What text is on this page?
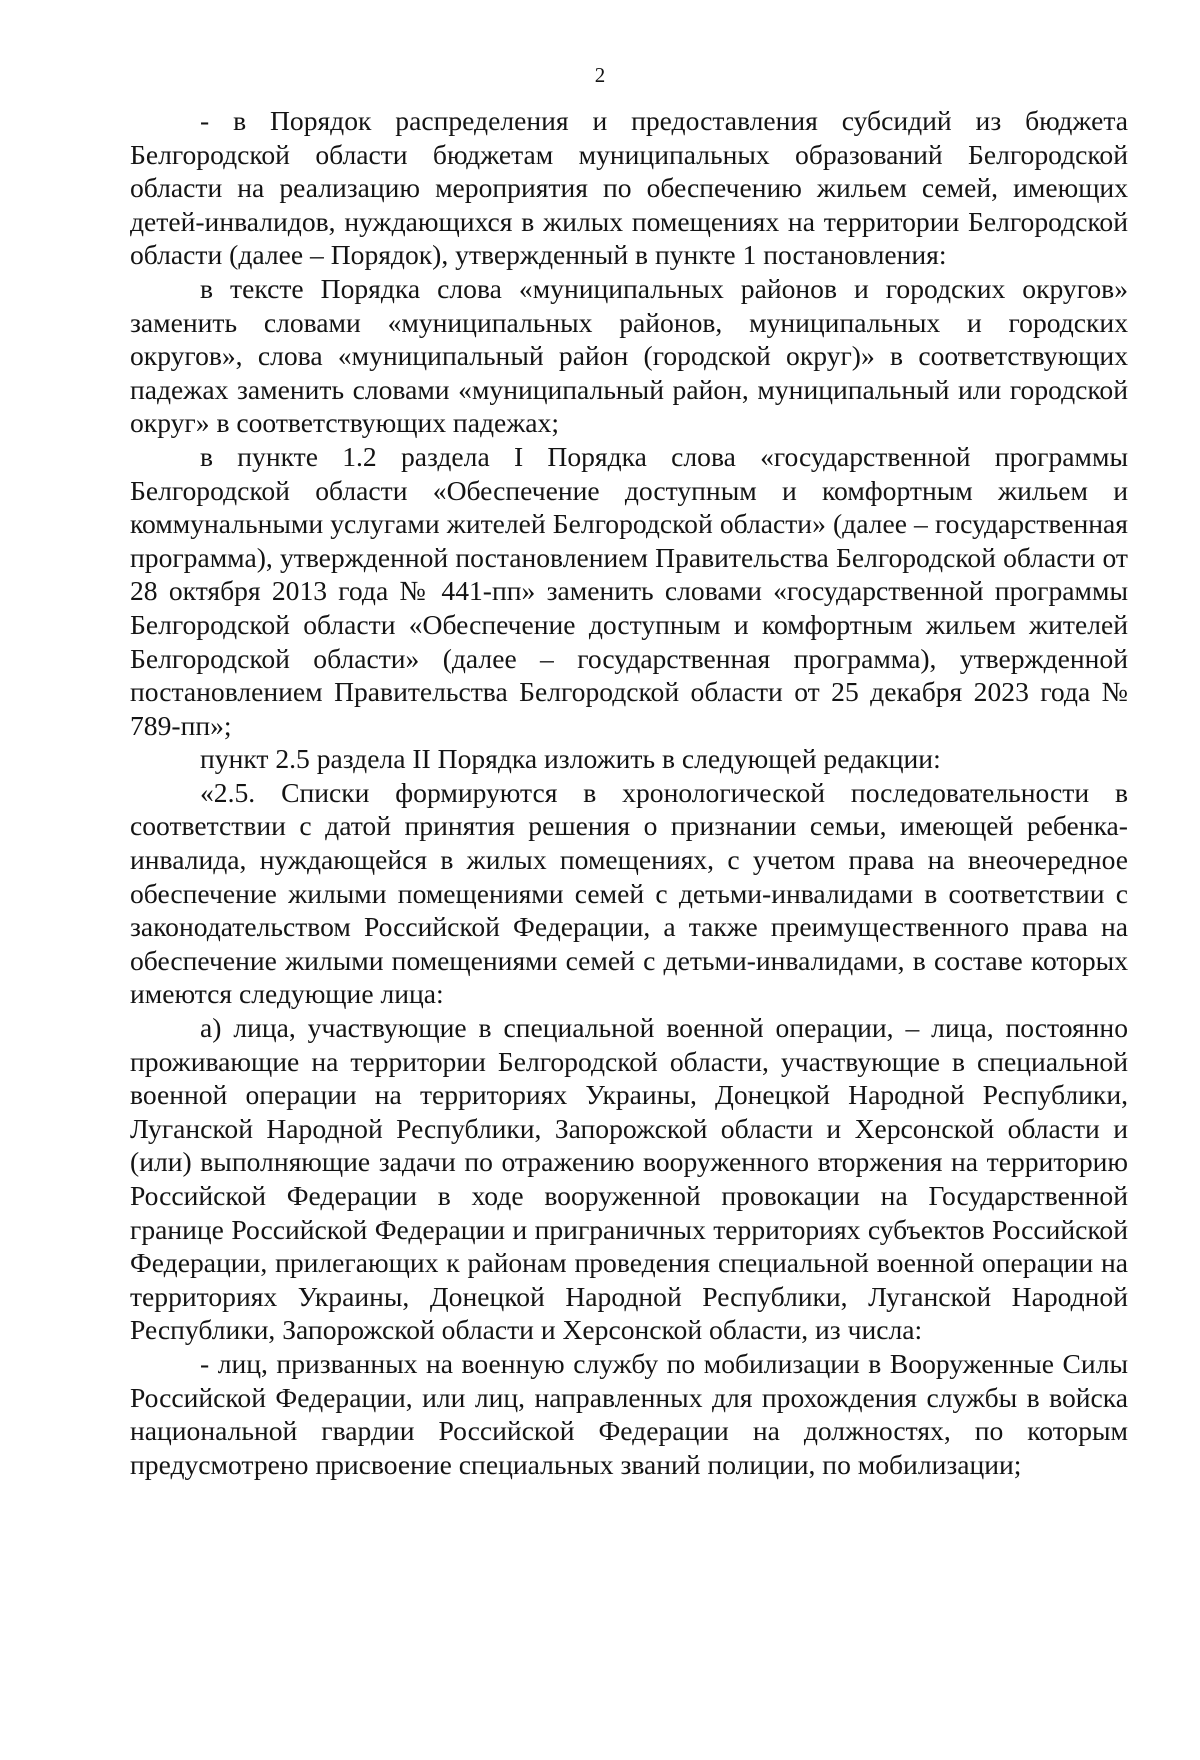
2

- в Порядок распределения и предоставления субсидий из бюджета Белгородской области бюджетам муниципальных образований Белгородской области на реализацию мероприятия по обеспечению жильем семей, имеющих детей-инвалидов, нуждающихся в жилых помещениях на территории Белгородской области (далее – Порядок), утвержденный в пункте 1 постановления:

в тексте Порядка слова «муниципальных районов и городских округов» заменить словами «муниципальных районов, муниципальных и городских округов», слова «муниципальный район (городской округ)» в соответствующих падежах заменить словами «муниципальный район, муниципальный или городской округ» в соответствующих падежах;

в пункте 1.2 раздела I Порядка слова «государственной программы Белгородской области «Обеспечение доступным и комфортным жильем и коммунальными услугами жителей Белгородской области» (далее – государственная программа), утвержденной постановлением Правительства Белгородской области от 28 октября 2013 года № 441-пп» заменить словами «государственной программы Белгородской области «Обеспечение доступным и комфортным жильем жителей Белгородской области» (далее – государственная программа), утвержденной постановлением Правительства Белгородской области от 25 декабря 2023 года № 789-пп»;

пункт 2.5 раздела II Порядка изложить в следующей редакции:

«2.5. Списки формируются в хронологической последовательности в соответствии с датой принятия решения о признании семьи, имеющей ребенка-инвалида, нуждающейся в жилых помещениях, с учетом права на внеочередное обеспечение жилыми помещениями семей с детьми-инвалидами в соответствии с законодательством Российской Федерации, а также преимущественного права на обеспечение жилыми помещениями семей с детьми-инвалидами, в составе которых имеются следующие лица:

а) лица, участвующие в специальной военной операции, – лица, постоянно проживающие на территории Белгородской области, участвующие в специальной военной операции на территориях Украины, Донецкой Народной Республики, Луганской Народной Республики, Запорожской области и Херсонской области и (или) выполняющие задачи по отражению вооруженного вторжения на территорию Российской Федерации в ходе вооруженной провокации на Государственной границе Российской Федерации и приграничных территориях субъектов Российской Федерации, прилегающих к районам проведения специальной военной операции на территориях Украины, Донецкой Народной Республики, Луганской Народной Республики, Запорожской области и Херсонской области, из числа:

- лиц, призванных на военную службу по мобилизации в Вооруженные Силы Российской Федерации, или лиц, направленных для прохождения службы в войска национальной гвардии Российской Федерации на должностях, по которым предусмотрено присвоение специальных званий полиции, по мобилизации;
